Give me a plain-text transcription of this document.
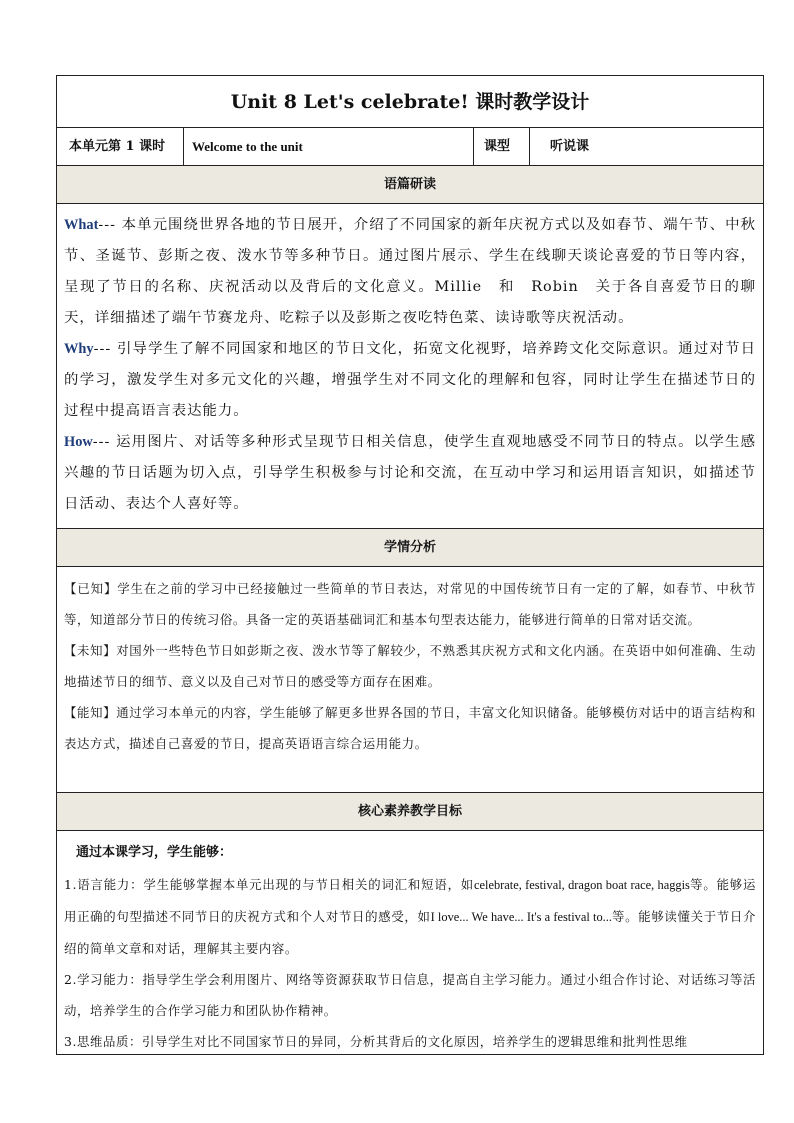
Unit 8 Let's celebrate! 课时教学设计
本单元第 1 课时	Welcome to the unit	课型	听说课
语篇研读

What--- 本单元围绕世界各地的节日展开，介绍了不同国家的新年庆祝方式以及如春节、端午节、中秋节、圣诞节、彭斯之夜、泼水节等多种节日。通过图片展示、学生在线聊天谈论喜爱的节日等内容，呈现了节日的名称、庆祝活动以及背后的文化意义。Millie　和　Robin　关于各自喜爱节日的聊天，详细描述了端午节赛龙舟、吃粽子以及彭斯之夜吃特色菜、读诗歌等庆祝活动。

Why--- 引导学生了解不同国家和地区的节日文化，拓宽文化视野，培养跨文化交际意识。通过对节日的学习，激发学生对多元文化的兴趣，增强学生对不同文化的理解和包容，同时让学生在描述节日的过程中提高语言表达能力。

How--- 运用图片、对话等多种形式呈现节日相关信息，使学生直观地感受不同节日的特点。以学生感兴趣的节日话题为切入点，引导学生积极参与讨论和交流，在互动中学习和运用语言知识，如描述节日活动、表达个人喜好等。

学情分析

【已知】学生在之前的学习中已经接触过一些简单的节日表达，对常见的中国传统节日有一定的了解，如春节、中秋节等，知道部分节日的传统习俗。具备一定的英语基础词汇和基本句型表达能力，能够进行简单的日常对话交流。

【未知】对国外一些特色节日如彭斯之夜、泼水节等了解较少，不熟悉其庆祝方式和文化内涵。在英语中如何准确、生动地描述节日的细节、意义以及自己对节日的感受等方面存在困难。

【能知】通过学习本单元的内容，学生能够了解更多世界各国的节日，丰富文化知识储备。能够模仿对话中的语言结构和表达方式，描述自己喜爱的节日，提高英语语言综合运用能力。

核心素养教学目标

通过本课学习，学生能够：

1.语言能力：学生能够掌握本单元出现的与节日相关的词汇和短语，如celebrate, festival, dragon boat race, haggis等。能够运用正确的句型描述不同节日的庆祝方式和个人对节日的感受，如I love... We have... It's a festival to...等。能够读懂关于节日介绍的简单文章和对话，理解其主要内容。

2.学习能力：指导学生学会利用图片、网络等资源获取节日信息，提高自主学习能力。通过小组合作讨论、对话练习等活动，培养学生的合作学习能力和团队协作精神。

3.思维品质：引导学生对比不同国家节日的异同，分析其背后的文化原因，培养学生的逻辑思维和批判性思维
